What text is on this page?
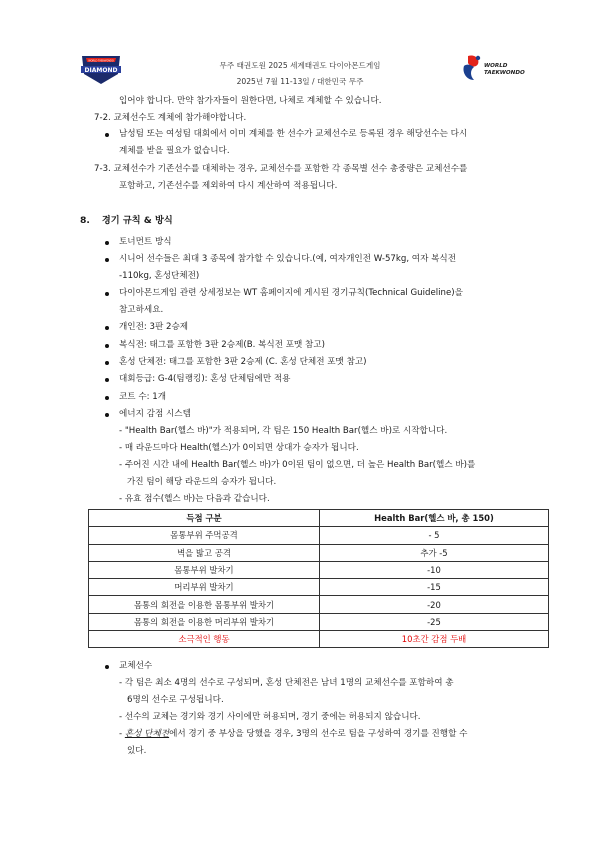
DIAMOND
WORLD TAEKWONDO
WORLD
TAEKWONDO
무주 태권도원 2025 세계태권도 다이아몬드게임
2025년 7월 11-13일 / 대한민국 무주
입어야 합니다. 만약 참가자들이 원한다면, 나체로 계체할 수 있습니다.
7-2. 교체선수도 계체에 참가해야합니다.
남성팀 또는 여성팀 대회에서 이미 계체를 한 선수가 교체선수로 등록된 경우 해당선수는 다시
계체를 받을 필요가 없습니다.
7-3. 교체선수가 기존선수를 대체하는 경우, 교체선수를 포함한 각 종목별 선수 총중량은 교체선수를
포함하고, 기존선수를 제외하여 다시 계산하여 적용됩니다.
8. 경기 규칙 & 방식
토너먼트 방식
시니어 선수들은 최대 3 종목에 참가할 수 있습니다.(예, 여자개인전 W-57kg, 여자 복식전
-110kg, 혼성단체전)
다이아몬드게임 관련 상세정보는 WT 홈페이지에 게시된 경기규칙(Technical Guideline)을
참고하세요.
개인전: 3판 2승제
복식전: 태그를 포함한 3판 2승제(B. 복식전 포맷 참고)
혼성 단체전: 태그를 포함한 3판 2승제 (C. 혼성 단체전 포맷 참고)
대회등급: G-4(팀랭킹): 혼성 단체팀에만 적용
코트 수: 1개
에너지 감점 시스템
- "Health Bar(헬스 바)"가 적용되며, 각 팀은 150 Health Bar(헬스 바)로 시작합니다.
- 매 라운드마다 Health(헬스)가 0이되면 상대가 승자가 됩니다.
- 주어진 시간 내에 Health Bar(헬스 바)가 0이된 팀이 없으면, 더 높은 Health Bar(헬스 바)를
가진 팀이 해당 라운드의 승자가 됩니다.
- 유효 점수(헬스 바)는 다음과 같습니다.
득점 구분	Health Bar(헬스 바, 총 150)
몸통부위 주먹공격	- 5
벽을 밟고 공격	추가 -5
몸통부위 발차기	-10
머리부위 발차기	-15
몸통의 회전을 이용한 몸통부위 발차기	-20
몸통의 회전을 이용한 머리부위 발차기	-25
소극적인 행동	10초간 감점 두배
교체선수
- 각 팀은 최소 4명의 선수로 구성되며, 혼성 단체전은 남녀 1명의 교체선수를 포함하여 총
6명의 선수로 구성됩니다.
- 선수의 교체는 경기와 경기 사이에만 허용되며, 경기 중에는 허용되지 않습니다.
- 혼성 단체전에서 경기 중 부상을 당했을 경우, 3명의 선수로 팀을 구성하여 경기를 진행할 수
있다.
